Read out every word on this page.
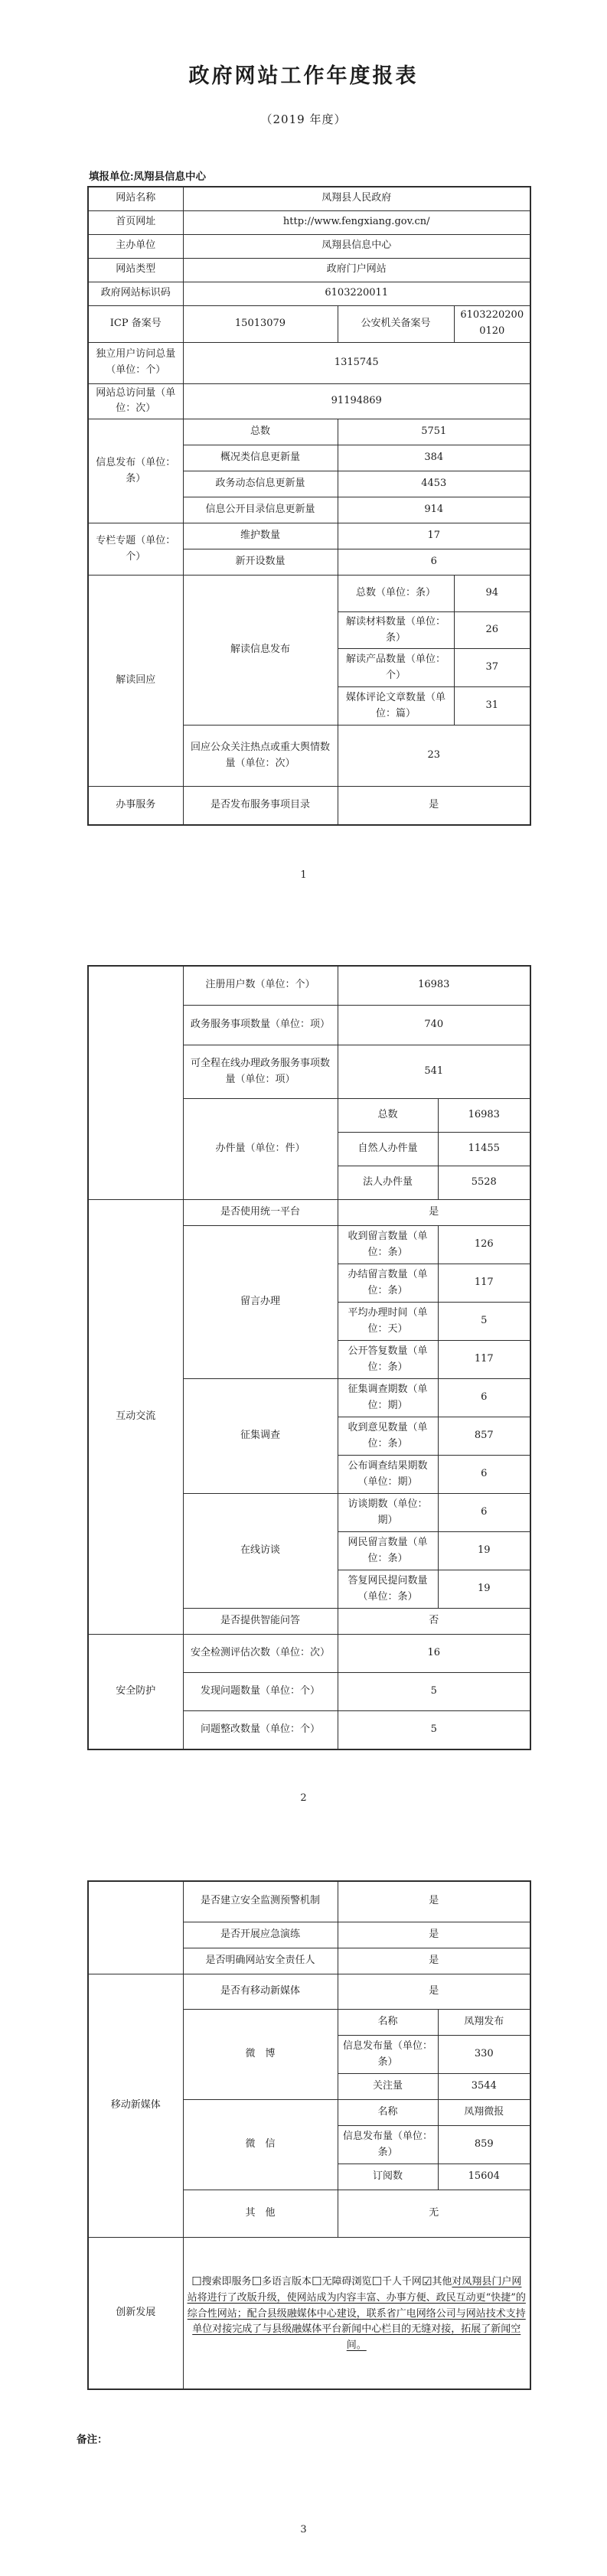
政府网站工作年度报表
（2019 年度）
填报单位:凤翔县信息中心
网站名称	凤翔县人民政府		
首页网址	http://www.fengxiang.gov.cn/		
主办单位	凤翔县信息中心		
网站类型	政府门户网站		
政府网站标识码	6103220011		
ICP 备案号	15013079	公安机关备案号	61032202000120
独立用户访问总量（单位：个）	1315745		
网站总访问量（单位：次）	91194869		
信息发布（单位：条）	总数	5751	
	概况类信息更新量	384	
	政务动态信息更新量	4453	
	信息公开目录信息更新量	914	
专栏专题（单位：个）	维护数量	17	
	新开设数量	6	
解读回应	解读信息发布	总数（单位：条）	94
		解读材料数量（单位：条）	26
		解读产品数量（单位：个）	37
		媒体评论文章数量（单位：篇）	31
	回应公众关注热点或重大舆情数量（单位：次）	23	
办事服务	是否发布服务事项目录	是	
1
	注册用户数（单位：个）	16983	
	政务服务事项数量（单位：项）	740	
	可全程在线办理政务服务事项数量（单位：项）	541	
	办件量（单位：件）	总数	16983
		自然人办件量	11455
		法人办件量	5528
互动交流	是否使用统一平台	是	
	留言办理	收到留言数量（单位：条）	126
		办结留言数量（单位：条）	117
		平均办理时间（单位：天）	5
		公开答复数量（单位：条）	117
	征集调查	征集调查期数（单位：期）	6
		收到意见数量（单位：条）	857
		公布调查结果期数（单位：期）	6
	在线访谈	访谈期数（单位：期）	6
		网民留言数量（单位：条）	19
		答复网民提问数量（单位：条）	19
	是否提供智能问答	否	
安全防护	安全检测评估次数（单位：次）	16	
	发现问题数量（单位：个）	5	
	问题整改数量（单位：个）	5	
2
	是否建立安全监测预警机制	是	
	是否开展应急演练	是	
	是否明确网站安全责任人	是	
移动新媒体	是否有移动新媒体	是	
	微　博	名称	凤翔发布
		信息发布量（单位：条）	330
		关注量	3544
	微　信	名称	凤翔微报
		信息发布量（单位：条）	859
		订阅数	15604
	其　他	无	
创新发展	☐搜索即服务☐多语言版本☐无障碍浏览☐千人千网☑其他对凤翔县门户网站将进行了改版升级，使网站成为内容丰富、办事方便、政民互动更“快捷”的综合性网站；配合县级融媒体中心建设，联系省广电网络公司与网站技术支持单位对接完成了与县级融媒体平台新闻中心栏目的无缝对接，拓展了新闻空间。		
备注：
3
